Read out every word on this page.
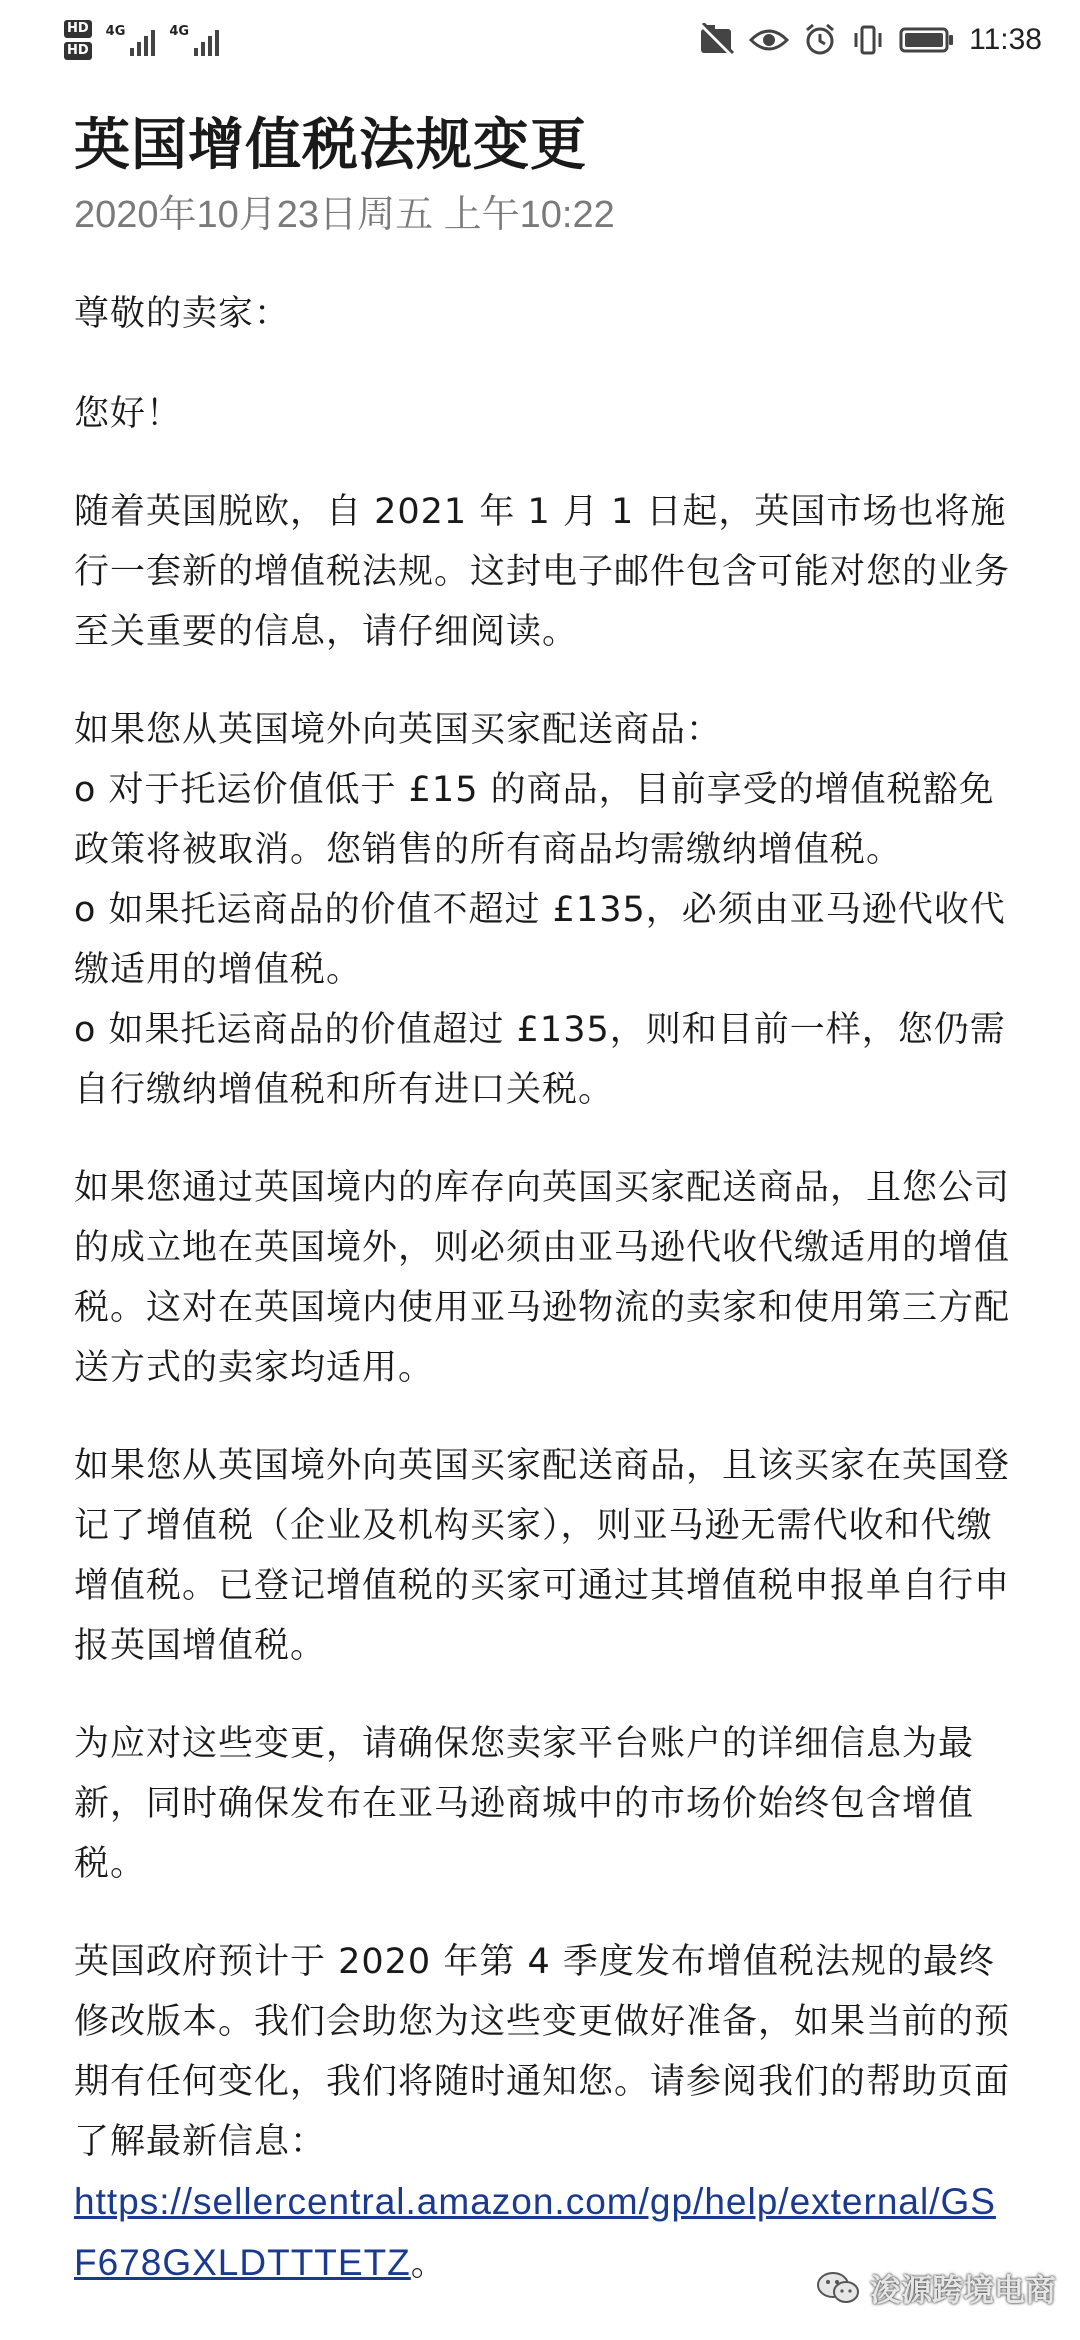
HD
HD
4G	4G	11:38
英国增值税法规变更

2020年10月23日周五 上午10:22

尊敬的卖家：

您好！

随着英国脱欧，自 2021 年 1 月 1 日起，英国市场也将施行一套新的增值税法规。这封电子邮件包含可能对您的业务至关重要的信息，请仔细阅读。

如果您从英国境外向英国买家配送商品：

o 对于托运价值低于 £15 的商品，目前享受的增值税豁免政策将被取消。您销售的所有商品均需缴纳增值税。

o 如果托运商品的价值不超过 £135，必须由亚马逊代收代缴适用的增值税。

o 如果托运商品的价值超过 £135，则和目前一样，您仍需自行缴纳增值税和所有进口关税。

如果您通过英国境内的库存向英国买家配送商品，且您公司的成立地在英国境外，则必须由亚马逊代收代缴适用的增值税。这对在英国境内使用亚马逊物流的卖家和使用第三方配送方式的卖家均适用。

如果您从英国境外向英国买家配送商品，且该买家在英国登记了增值税（企业及机构买家），则亚马逊无需代收和代缴增值税。已登记增值税的买家可通过其增值税申报单自行申报英国增值税。

为应对这些变更，请确保您卖家平台账户的详细信息为最新，同时确保发布在亚马逊商城中的市场价始终包含增值税。

英国政府预计于 2020 年第 4 季度发布增值税法规的最终修改版本。我们会助您为这些变更做好准备，如果当前的预期有任何变化，我们将随时通知您。请参阅我们的帮助页面了解最新信息：

https://sellercentral.amazon.com/gp/help/external/GSF678GXLDTTTETZ。

浚源跨境电商
